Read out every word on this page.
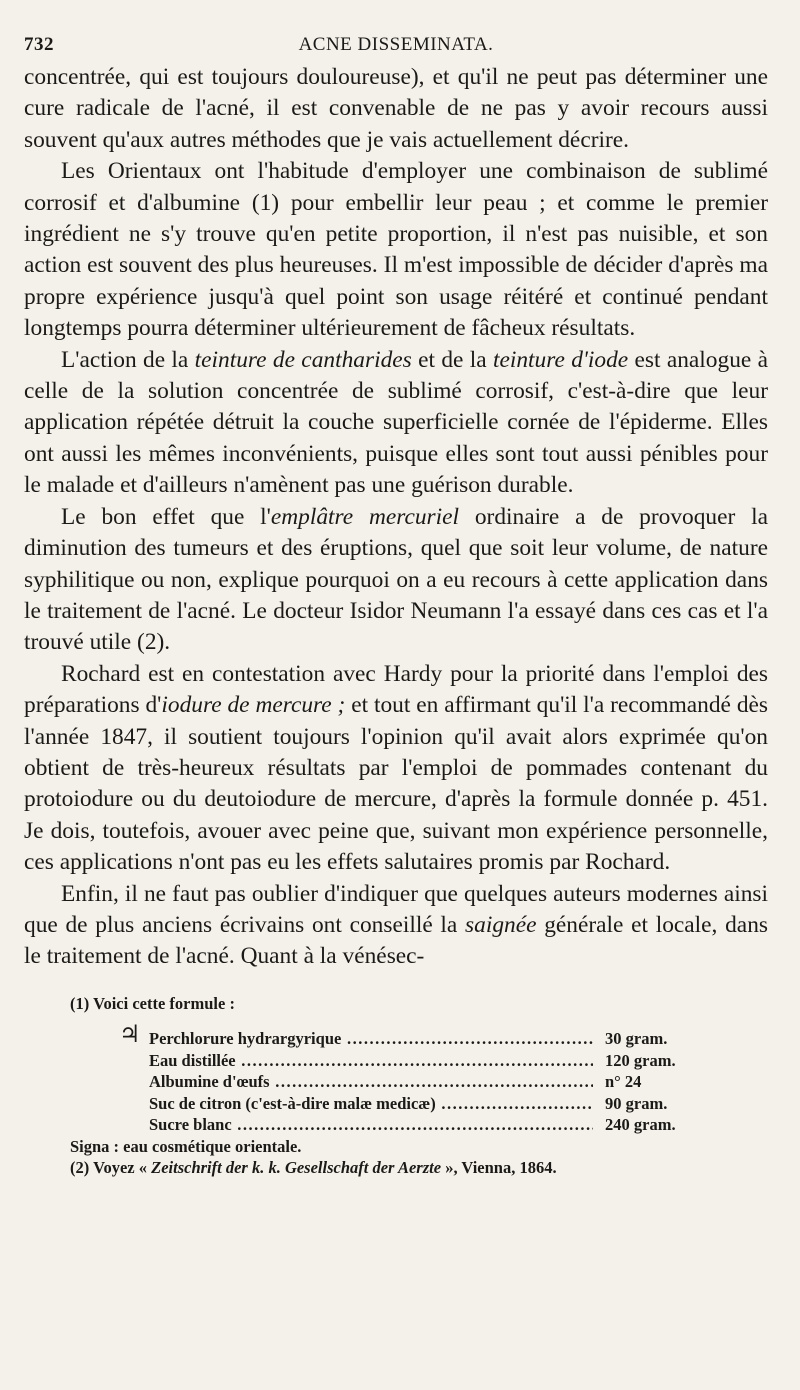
732	ACNE DISSEMINATA.

concentrée, qui est toujours douloureuse), et qu'il ne peut pas déterminer une cure radicale de l'acné, il est convenable de ne pas y avoir recours aussi souvent qu'aux autres méthodes que je vais actuellement décrire.

Les Orientaux ont l'habitude d'employer une combinaison de sublimé corrosif et d'albumine (1) pour embellir leur peau ; et comme le premier ingrédient ne s'y trouve qu'en petite proportion, il n'est pas nuisible, et son action est souvent des plus heureuses. Il m'est impossible de décider d'après ma propre expérience jusqu'à quel point son usage réitéré et continué pendant longtemps pourra déterminer ultérieurement de fâcheux résultats.

L'action de la teinture de cantharides et de la teinture d'iode est analogue à celle de la solution concentrée de sublimé corrosif, c'est-à-dire que leur application répétée détruit la couche superficielle cornée de l'épiderme. Elles ont aussi les mêmes inconvénients, puisque elles sont tout aussi pénibles pour le malade et d'ailleurs n'amènent pas une guérison durable.

Le bon effet que l'emplâtre mercuriel ordinaire a de provoquer la diminution des tumeurs et des éruptions, quel que soit leur volume, de nature syphilitique ou non, explique pourquoi on a eu recours à cette application dans le traitement de l'acné. Le docteur Isidor Neumann l'a essayé dans ces cas et l'a trouvé utile (2).

Rochard est en contestation avec Hardy pour la priorité dans l'emploi des préparations d'iodure de mercure ; et tout en affirmant qu'il l'a recommandé dès l'année 1847, il soutient toujours l'opinion qu'il avait alors exprimée qu'on obtient de très-heureux résultats par l'emploi de pommades contenant du protoiodure ou du deutoiodure de mercure, d'après la formule donnée p. 451. Je dois, toutefois, avouer avec peine que, suivant mon expérience personnelle, ces applications n'ont pas eu les effets salutaires promis par Rochard.

Enfin, il ne faut pas oublier d'indiquer que quelques auteurs modernes ainsi que de plus anciens écrivains ont conseillé la saignée générale et locale, dans le traitement de l'acné. Quant à la vénésec-

(1) Voici cette formule :

♃ Perchlorure hydrargyrique .....	30 gram.
Eau distillée .....	120 gram.
Albumine d'œufs .....	n° 24
Suc de citron (c'est-à-dire malæ medicæ) .....	90 gram.
Sucre blanc .....	240 gram.

Signa : eau cosmétique orientale.

(2) Voyez « Zeitschrift der k. k. Gesellschaft der Aerzte », Vienna, 1864.
